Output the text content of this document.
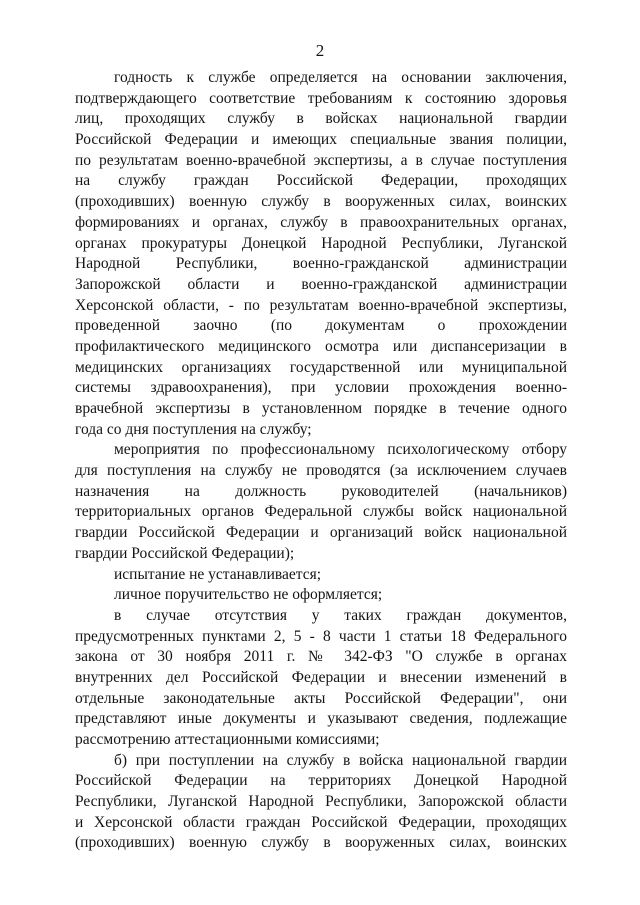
2
годность к службе определяется на основании заключения,
подтверждающего соответствие требованиям к состоянию здоровья
лиц, проходящих службу в войсках национальной гвардии
Российской Федерации и имеющих специальные звания полиции,
по результатам военно-врачебной экспертизы, а в случае поступления
на службу граждан Российской Федерации, проходящих
(проходивших) военную службу в вооруженных силах, воинских
формированиях и органах, службу в правоохранительных органах,
органах прокуратуры Донецкой Народной Республики, Луганской
Народной Республики, военно-гражданской администрации
Запорожской области и военно-гражданской администрации
Херсонской области, - по результатам военно-врачебной экспертизы,
проведенной заочно (по документам о прохождении
профилактического медицинского осмотра или диспансеризации в
медицинских организациях государственной или муниципальной
системы здравоохранения), при условии прохождения военно-
врачебной экспертизы в установленном порядке в течение одного
года со дня поступления на службу;
мероприятия по профессиональному психологическому отбору
для поступления на службу не проводятся (за исключением случаев
назначения на должность руководителей (начальников)
территориальных органов Федеральной службы войск национальной
гвардии Российской Федерации и организаций войск национальной
гвардии Российской Федерации);
испытание не устанавливается;
личное поручительство не оформляется;
в случае отсутствия у таких граждан документов,
предусмотренных пунктами 2, 5 - 8 части 1 статьи 18 Федерального
закона от 30 ноября 2011 г. № 342-ФЗ "О службе в органах
внутренних дел Российской Федерации и внесении изменений в
отдельные законодательные акты Российской Федерации", они
представляют иные документы и указывают сведения, подлежащие
рассмотрению аттестационными комиссиями;
б) при поступлении на службу в войска национальной гвардии
Российской Федерации на территориях Донецкой Народной
Республики, Луганской Народной Республики, Запорожской области
и Херсонской области граждан Российской Федерации, проходящих
(проходивших) военную службу в вооруженных силах, воинских
